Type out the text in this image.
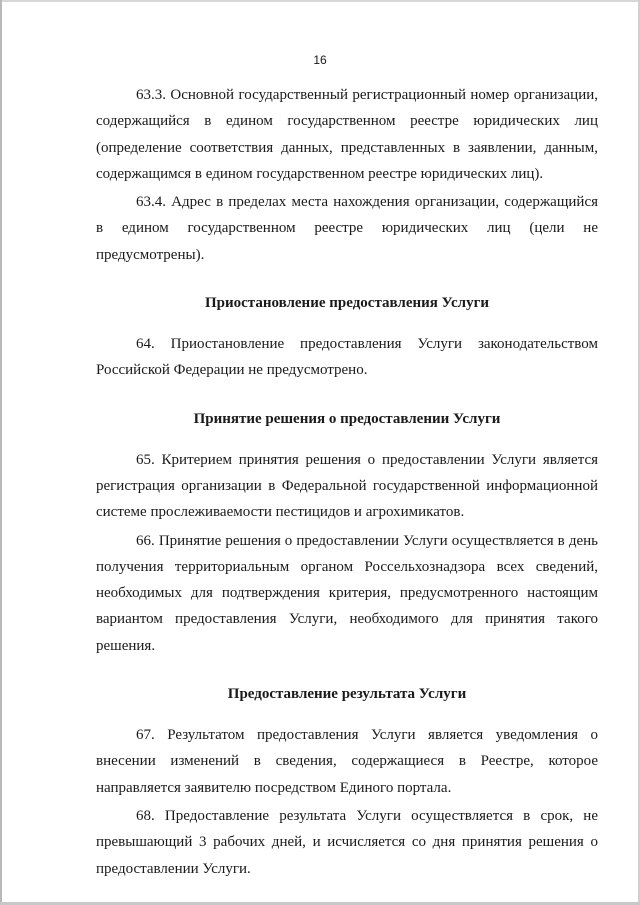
16

63.3. Основной государственный регистрационный номер организации, содержащийся в едином государственном реестре юридических лиц (определение соответствия данных, представленных в заявлении, данным, содержащимся в едином государственном реестре юридических лиц).

63.4. Адрес в пределах места нахождения организации, содержащийся в едином государственном реестре юридических лиц (цели не предусмотрены).

Приостановление предоставления Услуги

64. Приостановление предоставления Услуги законодательством Российской Федерации не предусмотрено.

Принятие решения о предоставлении Услуги

65. Критерием принятия решения о предоставлении Услуги является регистрация организации в Федеральной государственной информационной системе прослеживаемости пестицидов и агрохимикатов.

66. Принятие решения о предоставлении Услуги осуществляется в день получения территориальным органом Россельхознадзора всех сведений, необходимых для подтверждения критерия, предусмотренного настоящим вариантом предоставления Услуги, необходимого для принятия такого решения.

Предоставление результата Услуги

67. Результатом предоставления Услуги является уведомления о внесении изменений в сведения, содержащиеся в Реестре, которое направляется заявителю посредством Единого портала.

68. Предоставление результата Услуги осуществляется в срок, не превышающий 3 рабочих дней, и исчисляется со дня принятия решения о предоставлении Услуги.
